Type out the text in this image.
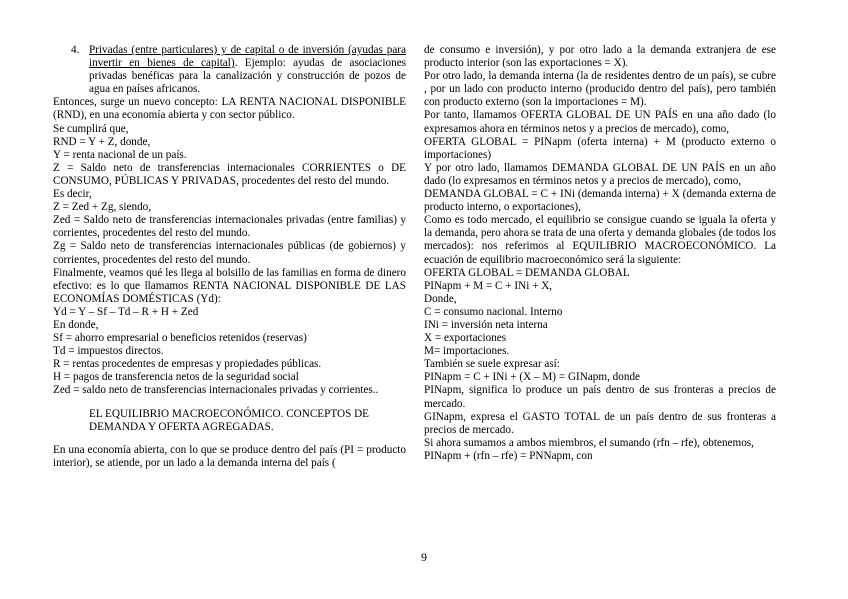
4. Privadas (entre particulares) y de capital o de inversión (ayudas para invertir en bienes de capital). Ejemplo: ayudas de asociaciones privadas benéficas para la canalización y construcción de pozos de agua en países africanos.

Entonces, surge un nuevo concepto: LA RENTA NACIONAL DISPONIBLE (RND), en una economía abierta y con sector público.

Se cumplirá que,

RND = Y + Z, donde,

Y = renta nacional de un país.

Z = Saldo neto de transferencias internacionales CORRIENTES o DE CONSUMO, PÚBLICAS Y PRIVADAS, procedentes del resto del mundo.

Es decir,

Z = Zed + Zg, siendo,

Zed = Saldo neto de transferencias internacionales privadas (entre familias) y corrientes, procedentes del resto del mundo.

Zg = Saldo neto de transferencias internacionales públicas (de gobiernos) y corrientes, procedentes del resto del mundo.

Finalmente, veamos qué les llega al bolsillo de las familias en forma de dinero efectivo: es lo que llamamos RENTA NACIONAL DISPONIBLE DE LAS ECONOMÍAS DOMÉSTICAS (Yd):

Yd = Y – Sf – Td – R + H + Zed

En donde,

Sf = ahorro empresarial o beneficios retenidos (reservas)

Td = impuestos directos.

R = rentas procedentes de empresas y propiedades públicas.

H = pagos de transferencia netos de la seguridad social

Zed = saldo neto de transferencias internacionales privadas y corrientes..

EL EQUILIBRIO MACROECONÓMICO. CONCEPTOS DE DEMANDA Y OFERTA AGREGADAS.

En una economía abierta, con lo que se produce dentro del país (PI = producto interior), se atiende, por un lado a la demanda interna del país (

de consumo e inversión), y por otro lado a la demanda extranjera de ese producto interior (son las exportaciones = X).

Por otro lado, la demanda interna (la de residentes dentro de un país), se cubre , por un lado con producto interno (producido dentro del país), pero también con producto externo (son la importaciones = M).

Por tanto, llamamos OFERTA GLOBAL DE UN PAÍS en una año dado (lo expresamos ahora en términos netos y a precios de mercado), como,

OFERTA GLOBAL = PINapm (oferta interna) + M (producto externo o importaciones)

Y por otro lado, llamamos DEMANDA GLOBAL DE UN PAÍS en un año dado (lo expresamos en términos netos y a precios de mercado), como,

DEMANDA GLOBAL = C + INi (demanda interna) + X (demanda externa de producto interno, o exportaciones),

Como es todo mercado, el equilibrio se consigue cuando se iguala la oferta y la demanda, pero ahora se trata de una oferta y demanda globales (de todos los mercados): nos referimos al EQUILIBRIO MACROECONÓMICO. La ecuación de equilibrio macroeconómico será la siguiente:

OFERTA GLOBAL = DEMANDA GLOBAL

PINapm + M = C + INi + X,

Donde,

C = consumo nacional. Interno

INi = inversión neta interna

X = exportaciones

M= importaciones.

También se suele expresar así:

PINapm = C + INi + (X – M) = GINapm, donde

PINapm, significa lo produce un país dentro de sus fronteras a precios de mercado.

GINapm, expresa el GASTO TOTAL de un país dentro de sus fronteras a precios de mercado.

Si ahora sumamos a ambos miembros, el sumando (rfn – rfe), obtenemos,

PINapm + (rfn – rfe) = PNNapm, con

9
